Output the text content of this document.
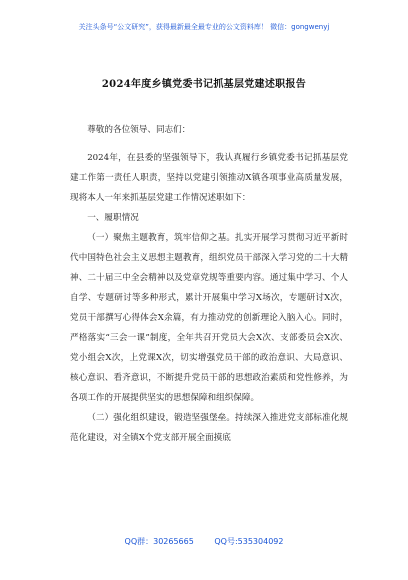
关注头条号“公文研究”，获得最新最全最专业的公文资料库！ 微信：gongwenyj
2024年度乡镇党委书记抓基层党建述职报告

尊敬的各位领导、同志们：

2024年，在县委的坚强领导下，我认真履行乡镇党委书记抓基层党建工作第一责任人职责，坚持以党建引领推动X镇各项事业高质量发展，现将本人一年来抓基层党建工作情况述职如下：

一、履职情况

（一）聚焦主题教育，筑牢信仰之基。扎实开展学习贯彻习近平新时代中国特色社会主义思想主题教育，组织党员干部深入学习党的二十大精神、二十届三中全会精神以及党章党规等重要内容。通过集中学习、个人自学、专题研讨等多种形式，累计开展集中学习X场次，专题研讨X次，党员干部撰写心得体会X余篇，有力推动党的创新理论入脑入心。同时，严格落实“三会一课”制度，全年共召开党员大会X次、支部委员会X次、党小组会X次，上党课X次，切实增强党员干部的政治意识、大局意识、核心意识、看齐意识，不断提升党员干部的思想政治素质和党性修养，为各项工作的开展提供坚实的思想保障和组织保障。

（二）强化组织建设，锻造坚强堡垒。持续深入推进党支部标准化规范化建设，对全镇X个党支部开展全面摸底

QQ群：30265665	QQ号:535304092
